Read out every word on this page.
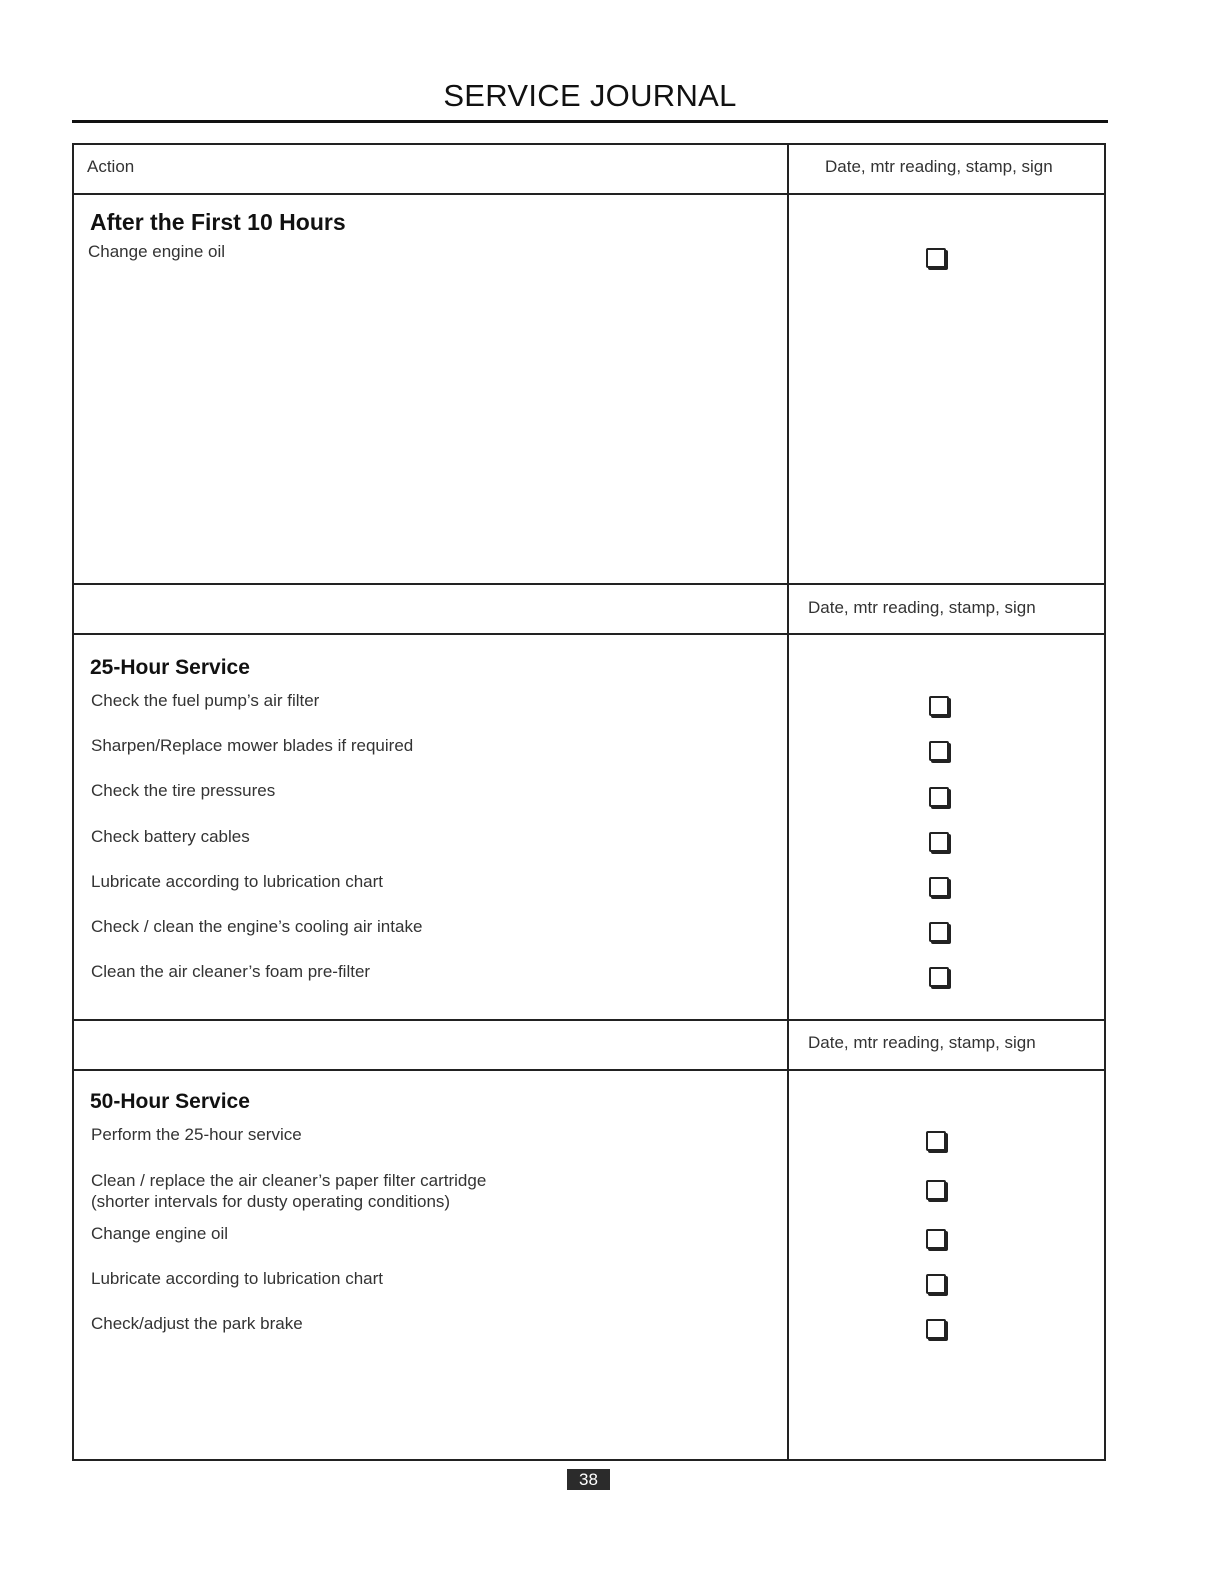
SERVICE JOURNAL
Action	Date, mtr reading, stamp, sign
After the First 10 Hours
Change engine oil
Date, mtr reading, stamp, sign
25-Hour Service
Check the fuel pump’s air filter
Sharpen/Replace mower blades if required
Check the tire pressures
Check battery cables
Lubricate according to lubrication chart
Check / clean the engine’s cooling air intake
Clean the air cleaner’s foam pre-filter
Date, mtr reading, stamp, sign
50-Hour Service
Perform the 25-hour service
Clean / replace the air cleaner’s paper filter cartridge
(shorter intervals for dusty operating conditions)
Change engine oil
Lubricate according to lubrication chart
Check/adjust the park brake
38
